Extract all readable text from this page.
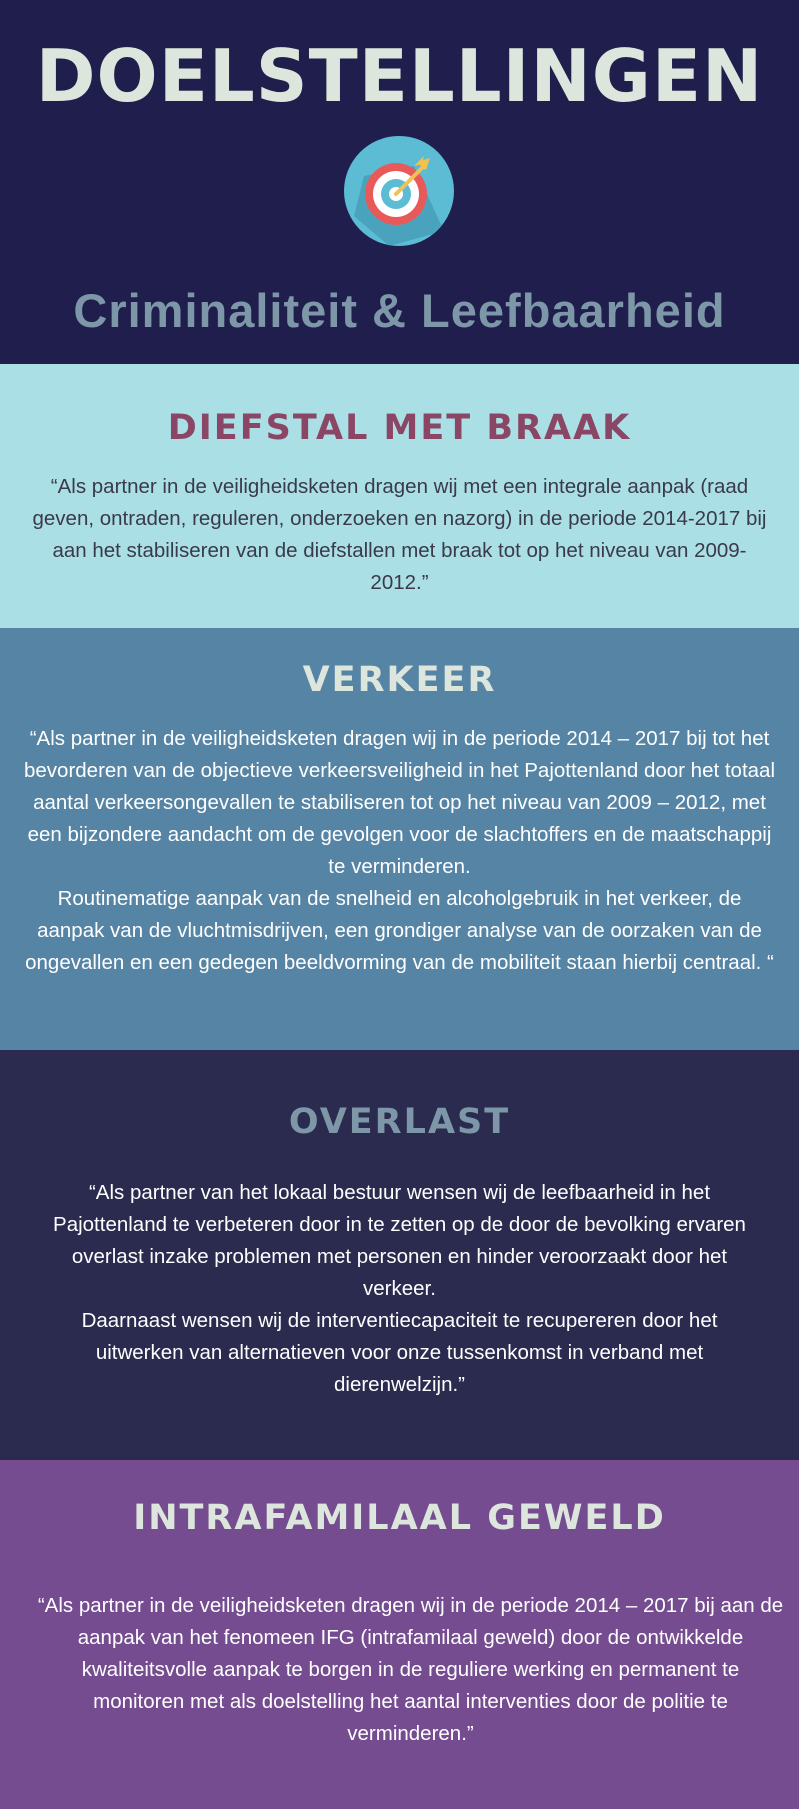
DOELSTELLINGEN
Criminaliteit & Leefbaarheid
DIEFSTAL MET BRAAK

“Als partner in de veiligheidsketen dragen wij met een integrale aanpak (raad geven, ontraden, reguleren, onderzoeken en nazorg) in de periode 2014-2017 bij aan het stabiliseren van de diefstallen met braak tot op het niveau van 2009-2012.”

VERKEER

“Als partner in de veiligheidsketen dragen wij in de periode 2014 – 2017 bij tot het bevorderen van de objectieve verkeersveiligheid in het Pajottenland door het totaal aantal verkeersongevallen te stabiliseren tot op het niveau van 2009 – 2012, met een bijzondere aandacht om de gevolgen voor de slachtoffers en de maatschappij te verminderen.

Routinematige aanpak van de snelheid en alcoholgebruik in het verkeer, de aanpak van de vluchtmisdrijven, een grondiger analyse van de oorzaken van de ongevallen en een gedegen beeldvorming van de mobiliteit staan hierbij centraal. “

OVERLAST

“Als partner van het lokaal bestuur wensen wij de leefbaarheid in het Pajottenland te verbeteren door in te zetten op de door de bevolking ervaren overlast inzake problemen met personen en hinder veroorzaakt door het verkeer.

Daarnaast wensen wij de interventiecapaciteit te recupereren door het uitwerken van alternatieven voor onze tussenkomst in verband met dierenwelzijn.”

INTRAFAMILAAL GEWELD

“Als partner in de veiligheidsketen dragen wij in de periode 2014 – 2017 bij aan de aanpak van het fenomeen IFG (intrafamilaal geweld) door de ontwikkelde kwaliteitsvolle aanpak te borgen in de reguliere werking en permanent te monitoren met als doelstelling het aantal interventies door de politie te verminderen.”
